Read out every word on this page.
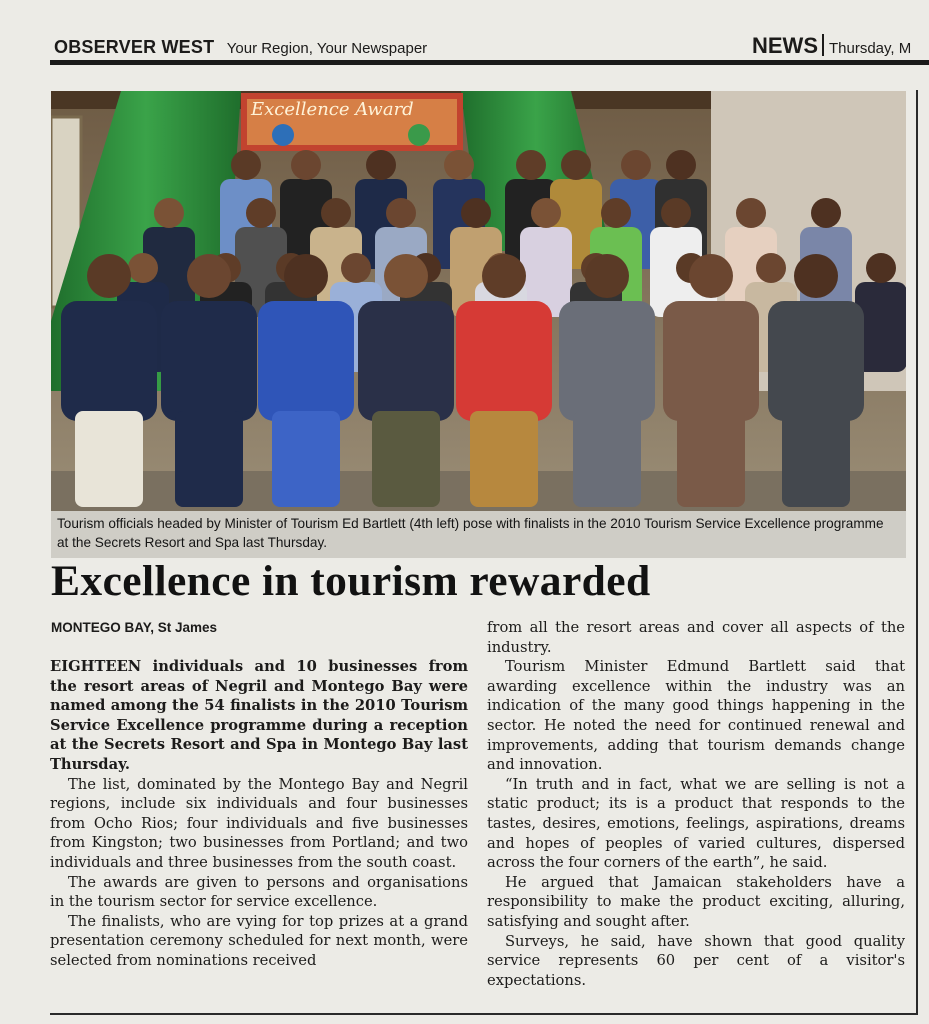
OBSERVER WEST Your Region, Your Newspaper	NEWS Thursday, M
Excellence Award
Tourism officials headed by Minister of Tourism Ed Bartlett (4th left) pose with finalists in the 2010 Tourism Service Excellence programme at the Secrets Resort and Spa last Thursday.
Excellence in tourism rewarded
MONTEGO BAY, St James

EIGHTEEN individuals and 10 businesses from the resort areas of Negril and Montego Bay were named among the 54 finalists in the 2010 Tourism Service Excellence programme during a reception at the Secrets Resort and Spa in Montego Bay last Thursday.

The list, dominated by the Montego Bay and Negril regions, include six individuals and four businesses from Ocho Rios; four individuals and five businesses from Kingston; two businesses from Portland; and two individuals and three businesses from the south coast.

The awards are given to persons and organisations in the tourism sector for service excellence.

The finalists, who are vying for top prizes at a grand presentation ceremony scheduled for next month, were selected from nominations received

from all the resort areas and cover all aspects of the industry.

Tourism Minister Edmund Bartlett said that awarding excellence within the industry was an indication of the many good things happening in the sector. He noted the need for continued renewal and improvements, adding that tourism demands change and innovation.

“In truth and in fact, what we are selling is not a static product; its is a product that responds to the tastes, desires, emotions, feelings, aspirations, dreams and hopes of peoples of varied cultures, dispersed across the four corners of the earth”, he said.

He argued that Jamaican stakeholders have a responsibility to make the product exciting, alluring, satisfying and sought after.

Surveys, he said, have shown that good quality service represents 60 per cent of a visitor's expectations.
